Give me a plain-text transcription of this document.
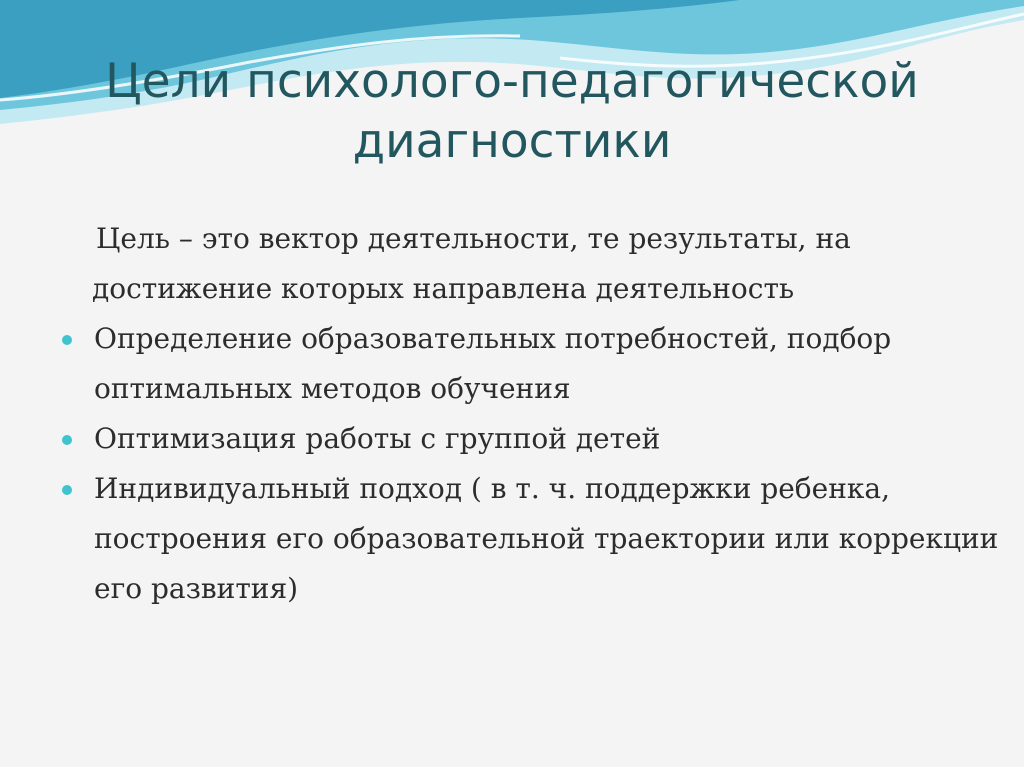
Цели психолого-педагогической диагностики

Цель – это вектор деятельности, те результаты, на достижение которых направлена деятельность

Определение образовательных потребностей, подбор оптимальных методов обучения
Оптимизация работы с группой детей
Индивидуальный подход ( в т. ч. поддержки ребенка, построения его образовательной траектории или коррекции его развития)
